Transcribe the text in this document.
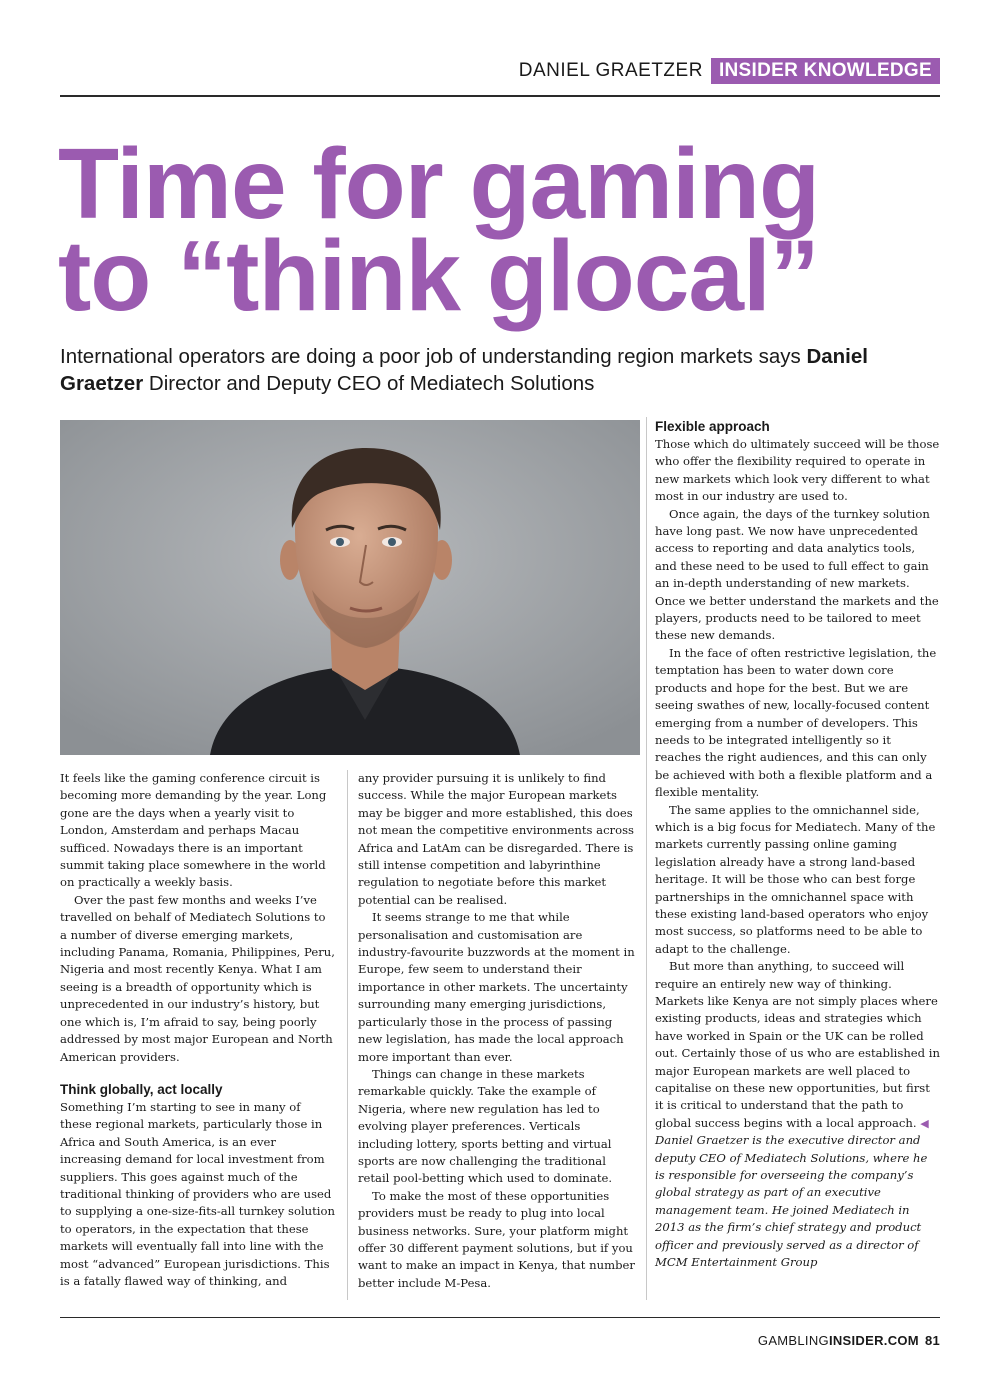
DANIEL GRAETZER INSIDER KNOWLEDGE
Time for gaming
to “think glocal”
International operators are doing a poor job of understanding region markets says Daniel Graetzer Director and Deputy CEO of Mediatech Solutions

It feels like the gaming conference circuit is becoming more demanding by the year. Long gone are the days when a yearly visit to London, Amsterdam and perhaps Macau sufficed. Nowadays there is an important summit taking place somewhere in the world on practically a weekly basis.

Over the past few months and weeks I’ve travelled on behalf of Mediatech Solutions to a number of diverse emerging markets, including Panama, Romania, Philippines, Peru, Nigeria and most recently Kenya. What I am seeing is a breadth of opportunity which is unprecedented in our industry’s history, but one which is, I’m afraid to say, being poorly addressed by most major European and North American providers.

Think globally, act locally

Something I’m starting to see in many of these regional markets, particularly those in Africa and South America, is an ever increasing demand for local investment from suppliers. This goes against much of the traditional thinking of providers who are used to supplying a one-size-fits-all turnkey solution to operators, in the expectation that these markets will eventually fall into line with the most “advanced” European jurisdictions. This is a fatally flawed way of thinking, and

any provider pursuing it is unlikely to find success. While the major European markets may be bigger and more established, this does not mean the competitive environments across Africa and LatAm can be disregarded. There is still intense competition and labyrinthine regulation to negotiate before this market potential can be realised.

It seems strange to me that while personalisation and customisation are industry-favourite buzzwords at the moment in Europe, few seem to understand their importance in other markets. The uncertainty surrounding many emerging jurisdictions, particularly those in the process of passing new legislation, has made the local approach more important than ever.

Things can change in these markets remarkable quickly. Take the example of Nigeria, where new regulation has led to evolving player preferences. Verticals including lottery, sports betting and virtual sports are now challenging the traditional retail pool-betting which used to dominate.

To make the most of these opportunities providers must be ready to plug into local business networks. Sure, your platform might offer 30 different payment solutions, but if you want to make an impact in Kenya, that number better include M-Pesa.

Flexible approach

Those which do ultimately succeed will be those who offer the flexibility required to operate in new markets which look very different to what most in our industry are used to.

Once again, the days of the turnkey solution have long past. We now have unprecedented access to reporting and data analytics tools, and these need to be used to full effect to gain an in-depth understanding of new markets. Once we better understand the markets and the players, products need to be tailored to meet these new demands.

In the face of often restrictive legislation, the temptation has been to water down core products and hope for the best. But we are seeing swathes of new, locally-focused content emerging from a number of developers. This needs to be integrated intelligently so it reaches the right audiences, and this can only be achieved with both a flexible platform and a flexible mentality.

The same applies to the omnichannel side, which is a big focus for Mediatech. Many of the markets currently passing online gaming legislation already have a strong land-based heritage. It will be those who can best forge partnerships in the omnichannel space with these existing land-based operators who enjoy most success, so platforms need to be able to adapt to the challenge.

But more than anything, to succeed will require an entirely new way of thinking. Markets like Kenya are not simply places where existing products, ideas and strategies which have worked in Spain or the UK can be rolled out. Certainly those of us who are established in major European markets are well placed to capitalise on these new opportunities, but first it is critical to understand that the path to global success begins with a local approach. ◀

Daniel Graetzer is the executive director and deputy CEO of Mediatech Solutions, where he is responsible for overseeing the company’s global strategy as part of an executive management team. He joined Mediatech in 2013 as the firm’s chief strategy and product officer and previously served as a director of MCM Entertainment Group

GAMBLINGINSIDER.COM 81
